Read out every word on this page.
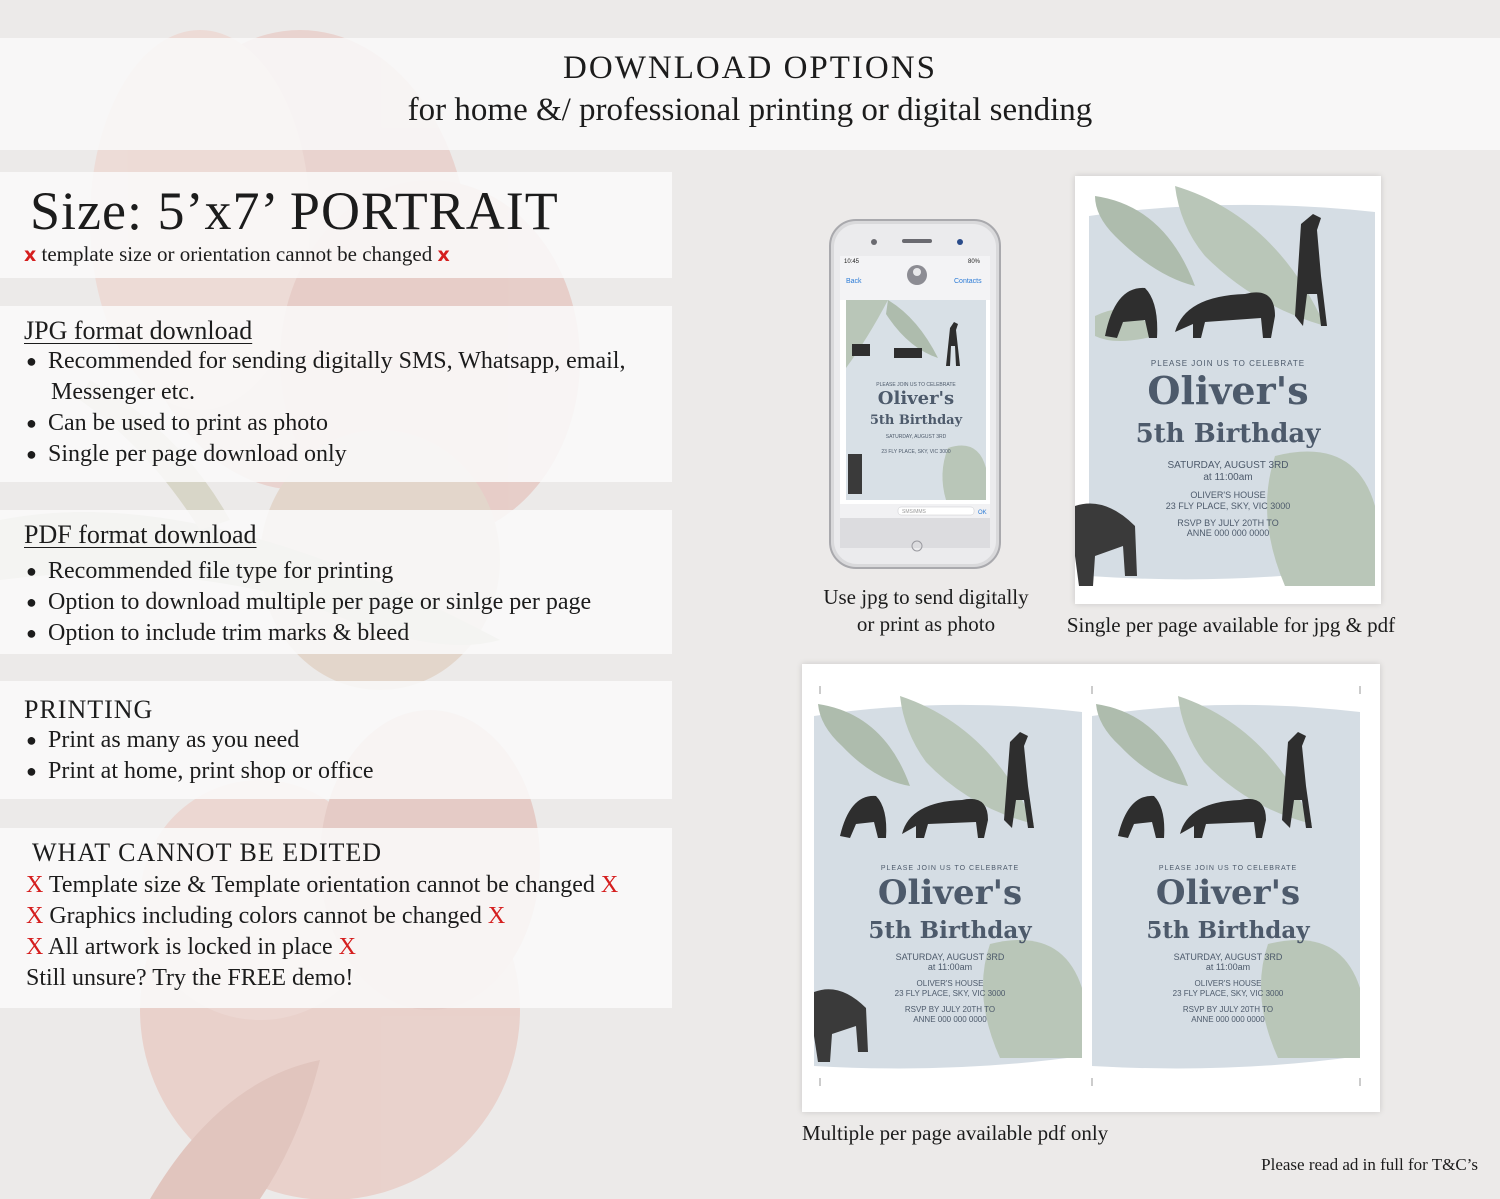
DOWNLOAD OPTIONS
for home &/ professional printing or digital sending
Size: 5’x7’ PORTRAIT
x template size or orientation cannot be changed x
JPG format download
● Recommended for sending digitally SMS, Whatsapp, email,
Messenger etc.
● Can be used to print as photo
● Single per page download only
PDF format download
● Recommended file type for printing
● Option to download multiple per page or sinlge per page
● Option to include trim marks & bleed
PRINTING
● Print as many as you need
● Print at home, print shop or office
WHAT CANNOT BE EDITED
X Template size & Template orientation cannot be changed X
X Graphics including colors cannot be changed X
X All artwork is locked in place X
Still unsure? Try the FREE demo!
10:45	80%
Back	Contacts
PLEASE JOIN US TO CELEBRATE
Oliver's
5th Birthday
SATURDAY, AUGUST 3RD
23 FLY PLACE, SKY, VIC 3000
SMS/MMS	OK
Use jpg to send digitally
or print as photo
PLEASE JOIN US TO CELEBRATE
Oliver's
5th Birthday
SATURDAY, AUGUST 3RD
at 11:00am
OLIVER'S HOUSE
23 FLY PLACE, SKY, VIC 3000
RSVP BY JULY 20TH TO
ANNE 000 000 0000
Single per page available for jpg & pdf
PLEASE JOIN US TO CELEBRATE
Oliver's
5th Birthday
SATURDAY, AUGUST 3RD
at 11:00am
OLIVER'S HOUSE
23 FLY PLACE, SKY, VIC 3000
RSVP BY JULY 20TH TO
ANNE 000 000 0000
PLEASE JOIN US TO CELEBRATE
Oliver's
5th Birthday
SATURDAY, AUGUST 3RD
at 11:00am
OLIVER'S HOUSE
23 FLY PLACE, SKY, VIC 3000
RSVP BY JULY 20TH TO
ANNE 000 000 0000
Multiple per page available pdf only
Please read ad in full for T&C’s
